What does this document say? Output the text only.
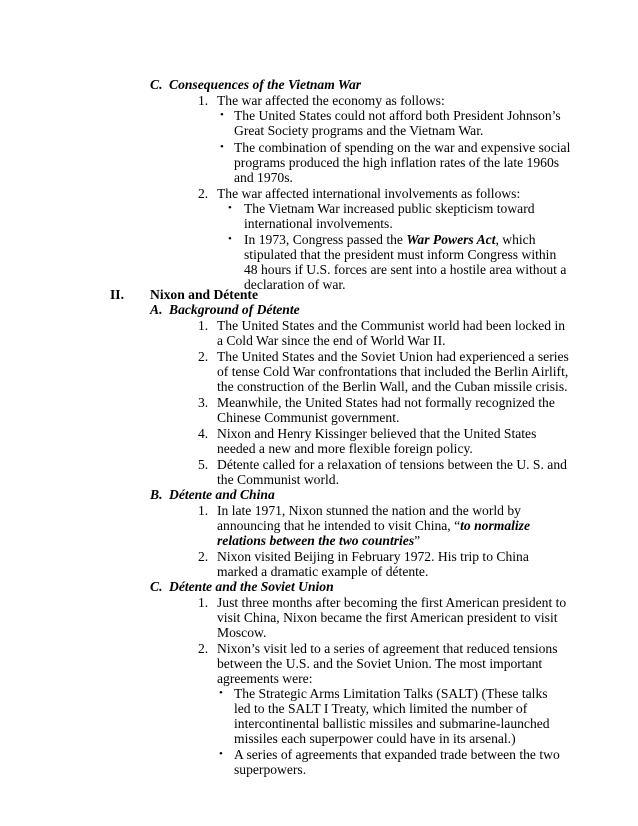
C. Consequences of the Vietnam War
1. The war affected the economy as follows:
• The United States could not afford both President Johnson’s
Great Society programs and the Vietnam War.
• The combination of spending on the war and expensive social
programs produced the high inflation rates of the late 1960s
and 1970s.
2. The war affected international involvements as follows:
• The Vietnam War increased public skepticism toward
international involvements.
• In 1973, Congress passed the War Powers Act, which
stipulated that the president must inform Congress within
48 hours if U.S. forces are sent into a hostile area without a
declaration of war.
II. Nixon and Détente
A. Background of Détente
1. The United States and the Communist world had been locked in
a Cold War since the end of World War II.
2. The United States and the Soviet Union had experienced a series
of tense Cold War confrontations that included the Berlin Airlift,
the construction of the Berlin Wall, and the Cuban missile crisis.
3. Meanwhile, the United States had not formally recognized the
Chinese Communist government.
4. Nixon and Henry Kissinger believed that the United States
needed a new and more flexible foreign policy.
5. Détente called for a relaxation of tensions between the U. S. and
the Communist world.
B. Détente and China
1. In late 1971, Nixon stunned the nation and the world by
announcing that he intended to visit China, “to normalize
relations between the two countries”
2. Nixon visited Beijing in February 1972. His trip to China
marked a dramatic example of détente.
C. Détente and the Soviet Union
1. Just three months after becoming the first American president to
visit China, Nixon became the first American president to visit
Moscow.
2. Nixon’s visit led to a series of agreement that reduced tensions
between the U.S. and the Soviet Union. The most important
agreements were:
• The Strategic Arms Limitation Talks (SALT) (These talks
led to the SALT I Treaty, which limited the number of
intercontinental ballistic missiles and submarine-launched
missiles each superpower could have in its arsenal.)
• A series of agreements that expanded trade between the two
superpowers.
